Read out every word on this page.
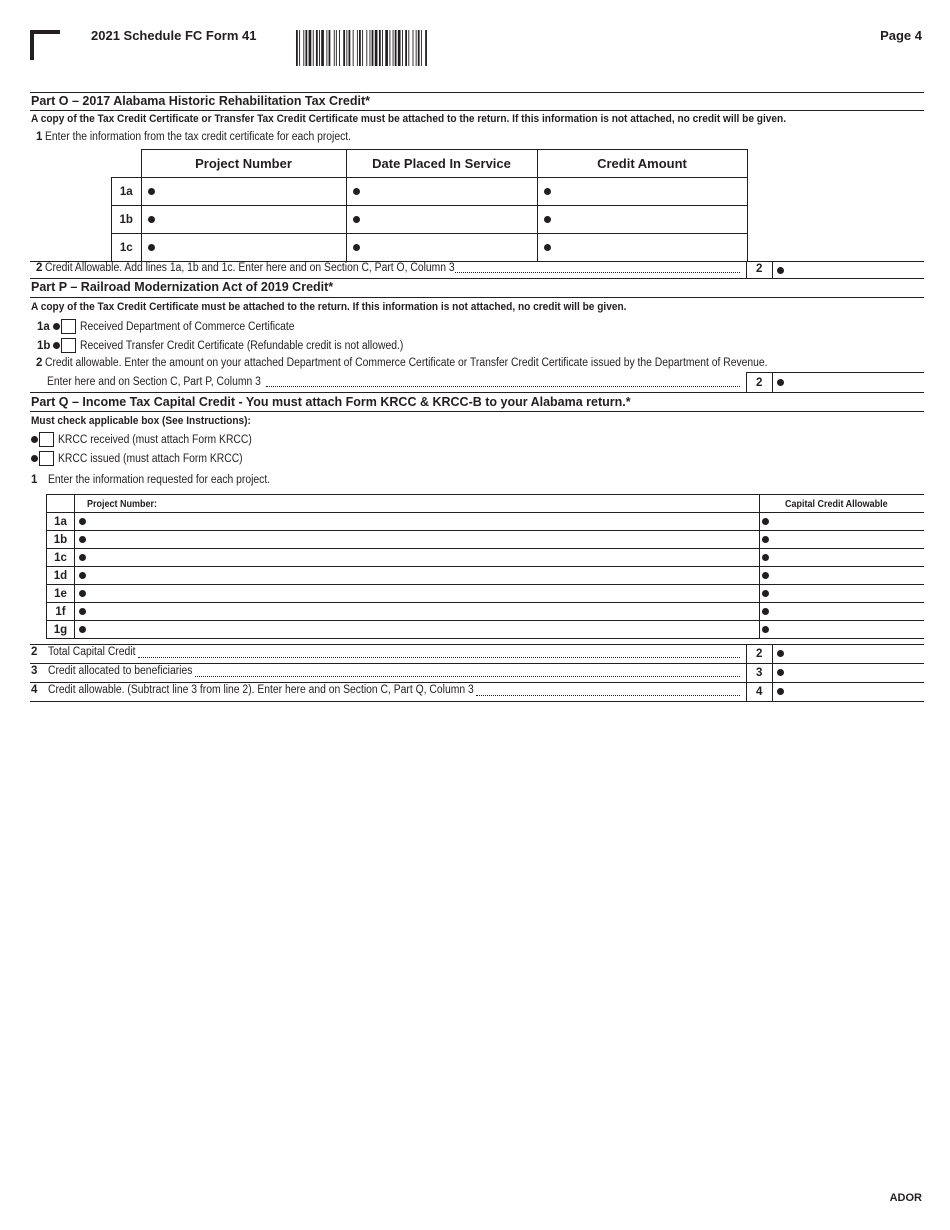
2021 Schedule FC Form 41	Page 4
Part O – 2017 Alabama Historic Rehabilitation Tax Credit*
A copy of the Tax Credit Certificate or Transfer Tax Credit Certificate must be attached to the return. If this information is not attached, no credit will be given.
1 Enter the information from the tax credit certificate for each project.
	Project Number	Date Placed In Service	Credit Amount
1a			
1b			
1c			
2 Credit Allowable. Add lines 1a, 1b and 1c. Enter here and on Section C, Part O, Column 3	2
Part P – Railroad Modernization Act of 2019 Credit*
A copy of the Tax Credit Certificate must be attached to the return. If this information is not attached, no credit will be given.
1a	Received Department of Commerce Certificate
1b	Received Transfer Credit Certificate (Refundable credit is not allowed.)
2 Credit allowable. Enter the amount on your attached Department of Commerce Certificate or Transfer Credit Certificate issued by the Department of Revenue.
Enter here and on Section C, Part P, Column 3	2
Part Q – Income Tax Capital Credit - You must attach Form KRCC & KRCC-B to your Alabama return.*
Must check applicable box (See Instructions):
KRCC received (must attach Form KRCC)
KRCC issued (must attach Form KRCC)
1 Enter the information requested for each project.
	Project Number:	Capital Credit Allowable
1a		
1b		
1c		
1d		
1e		
1f		
1g		
2 Total Capital Credit	2
3 Credit allocated to beneficiaries	3
4 Credit allowable. (Subtract line 3 from line 2). Enter here and on Section C, Part Q, Column 3	4
ADOR
